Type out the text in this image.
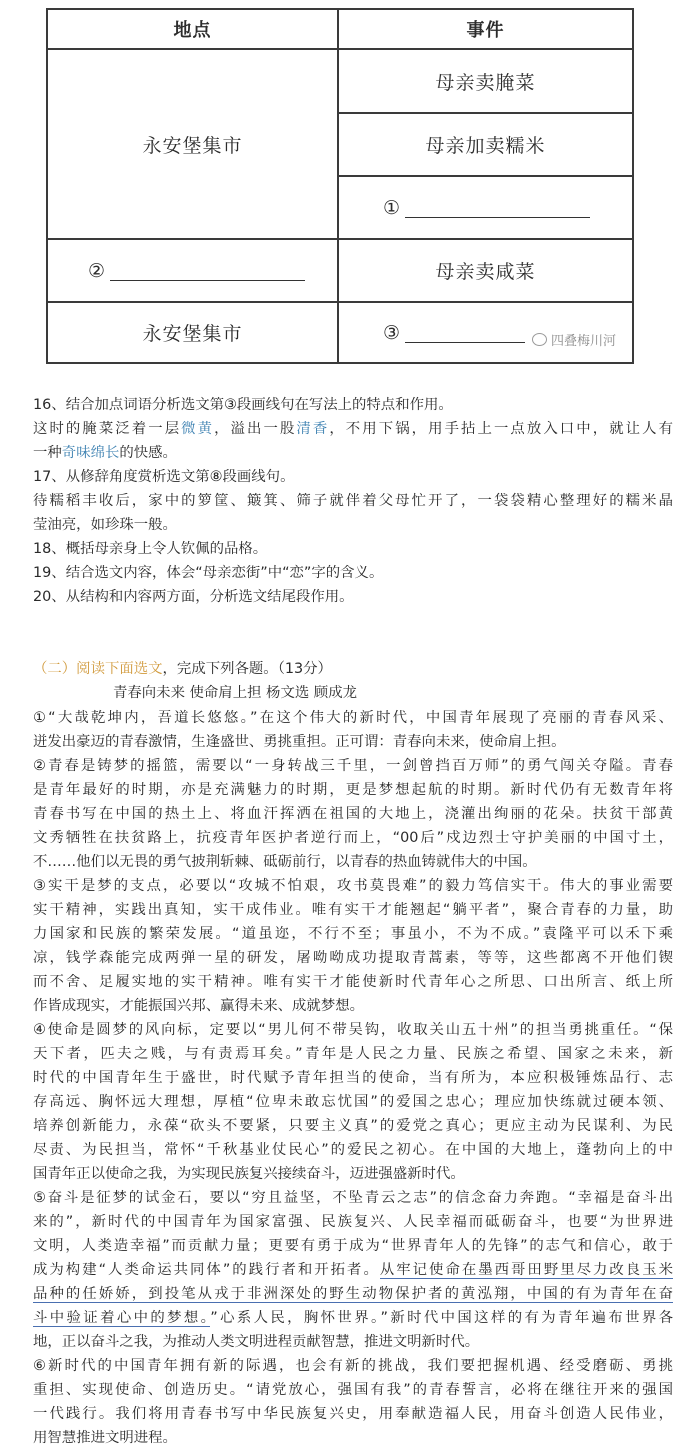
地点	事件
永安堡集市
②
永安堡集市
母亲卖腌菜
母亲加卖糯米
①
母亲卖咸菜
③	四叠梅川河
16、结合加点词语分析选文第③段画线句在写法上的特点和作用。
这时的腌菜泛着一层微黄，溢出一股清香，不用下锅，用手拈上一点放入口中，就让人有
一种奇味绵长的快感。
17、从修辞角度赏析选文第⑧段画线句。
待糯稻丰收后，家中的箩筐、簸箕、筛子就伴着父母忙开了，一袋袋精心整理好的糯米晶
莹油亮，如珍珠一般。
18、概括母亲身上令人钦佩的品格。
19、结合选文内容，体会“母亲恋街”中“恋”字的含义。
20、从结构和内容两方面，分析选文结尾段作用。
（二）阅读下面选文，完成下列各题。（13分）
青春向未来 使命肩上担 杨文选 顾成龙
①“大哉乾坤内，吾道长悠悠。”在这个伟大的新时代，中国青年展现了亮丽的青春风采、
迸发出豪迈的青春激情，生逢盛世、勇挑重担。正可谓：青春向未来，使命肩上担。
②青春是铸梦的摇篮，需要以“一身转战三千里，一剑曾挡百万师”的勇气闯关夺隘。青春
是青年最好的时期，亦是充满魅力的时期，更是梦想起航的时期。新时代仍有无数青年将
青春书写在中国的热土上、将血汗挥洒在祖国的大地上，浇灌出绚丽的花朵。扶贫干部黄
文秀牺牲在扶贫路上，抗疫青年医护者逆行而上，“00后”戍边烈士守护美丽的中国寸土，
不……他们以无畏的勇气披荆斩棘、砥砺前行，以青春的热血铸就伟大的中国。
③实干是梦的支点，必要以“攻城不怕艰，攻书莫畏难”的毅力笃信实干。伟大的事业需要
实干精神，实践出真知，实干成伟业。唯有实干才能翘起“躺平者”，聚合青春的力量，助
力国家和民族的繁荣发展。“道虽迩，不行不至；事虽小，不为不成。”袁隆平可以禾下乘
凉，钱学森能完成两弹一星的研发，屠呦呦成功提取青蒿素，等等，这些都离不开他们锲
而不舍、足履实地的实干精神。唯有实干才能使新时代青年心之所思、口出所言、纸上所
作皆成现实，才能振国兴邦、赢得未来、成就梦想。
④使命是圆梦的风向标，定要以“男儿何不带吴钩，收取关山五十州”的担当勇挑重任。“保
天下者，匹夫之贱，与有责焉耳矣。”青年是人民之力量、民族之希望、国家之未来，新
时代的中国青年生于盛世，时代赋予青年担当的使命，当有所为，本应积极锤炼品行、志
存高远、胸怀远大理想，厚植“位卑未敢忘忧国”的爱国之忠心；理应加快练就过硬本领、
培养创新能力，永葆“砍头不要紧，只要主义真”的爱党之真心；更应主动为民谋利、为民
尽责、为民担当，常怀“千秋基业仗民心”的爱民之初心。在中国的大地上，蓬勃向上的中
国青年正以使命之我，为实现民族复兴接续奋斗，迈进强盛新时代。
⑤奋斗是征梦的试金石，要以“穷且益坚，不坠青云之志”的信念奋力奔跑。“幸福是奋斗出
来的”，新时代的中国青年为国家富强、民族复兴、人民幸福而砥砺奋斗，也要“为世界进
文明，人类造幸福”而贡献力量；更要有勇于成为“世界青年人的先锋”的志气和信心，敢于
成为构建“人类命运共同体”的践行者和开拓者。从牢记使命在墨西哥田野里尽力改良玉米
品种的任娇娇，到投笔从戎于非洲深处的野生动物保护者的黄泓翔，中国的有为青年在奋
斗中验证着心中的梦想。”心系人民，胸怀世界。”新时代中国这样的有为青年遍布世界各
地，正以奋斗之我，为推动人类文明进程贡献智慧，推进文明新时代。
⑥新时代的中国青年拥有新的际遇，也会有新的挑战，我们要把握机遇、经受磨砺、勇挑
重担、实现使命、创造历史。“请党放心，强国有我”的青春誓言，必将在继往开来的强国
一代践行。我们将用青春书写中华民族复兴史，用奉献造福人民，用奋斗创造人民伟业，
用智慧推进文明进程。
